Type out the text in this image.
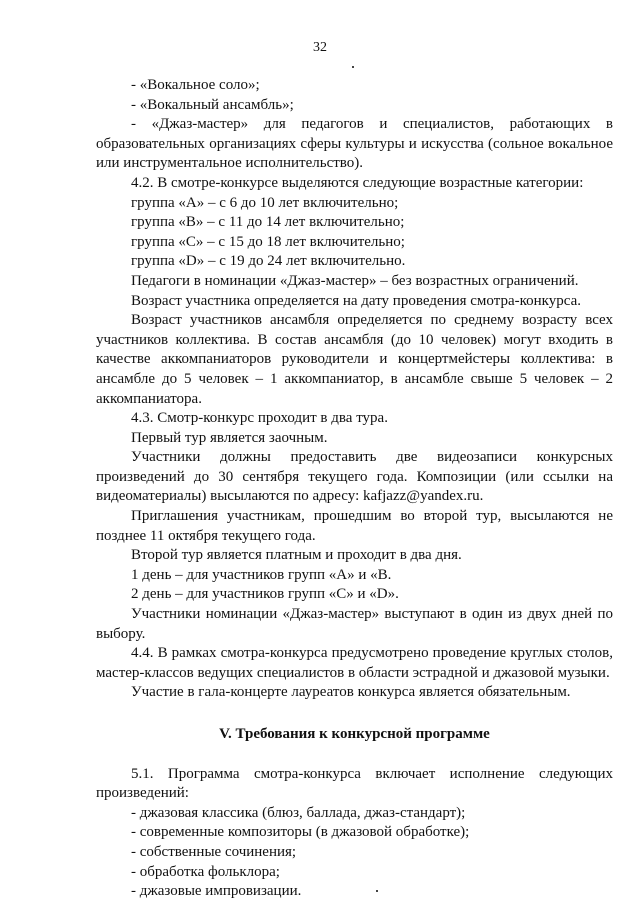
32

- «Вокальное соло»;

- «Вокальный ансамбль»;

- «Джаз-мастер» для педагогов и специалистов, работающих в образовательных организациях сферы культуры и искусства (сольное вокальное или инструментальное исполнительство).

4.2. В смотре-конкурсе выделяются следующие возрастные категории:

группа «А» – с 6 до 10 лет включительно;

группа «В» – с 11 до 14 лет включительно;

группа «С» – с 15 до 18 лет включительно;

группа «D» – с 19 до 24 лет включительно.

Педагоги в номинации «Джаз-мастер» – без возрастных ограничений.

Возраст участника определяется на дату проведения смотра-конкурса.

Возраст участников ансамбля определяется по среднему возрасту всех участников коллектива. В состав ансамбля (до 10 человек) могут входить в качестве аккомпаниаторов руководители и концертмейстеры коллектива: в ансамбле до 5 человек – 1 аккомпаниатор, в ансамбле свыше 5 человек – 2 аккомпаниатора.

4.3. Смотр-конкурс проходит в два тура.

Первый тур является заочным.

Участники должны предоставить две видеозаписи конкурсных произведений до 30 сентября текущего года. Композиции (или ссылки на видеоматериалы) высылаются по адресу: kafjazz@yandex.ru.

Приглашения участникам, прошедшим во второй тур, высылаются не позднее 11 октября текущего года.

Второй тур является платным и проходит в два дня.

1 день – для участников групп «А» и «В.

2 день – для участников групп «С» и «D».

Участники номинации «Джаз-мастер» выступают в один из двух дней по выбору.

4.4. В рамках смотра-конкурса предусмотрено проведение круглых столов, мастер-классов ведущих специалистов в области эстрадной и джазовой музыки.

Участие в гала-концерте лауреатов конкурса является обязательным.

V. Требования к конкурсной программе

5.1. Программа смотра-конкурса включает исполнение следующих произведений:

- джазовая классика (блюз, баллада, джаз-стандарт);

- современные композиторы (в джазовой обработке);

- собственные сочинения;

- обработка фольклора;

- джазовые импровизации.
